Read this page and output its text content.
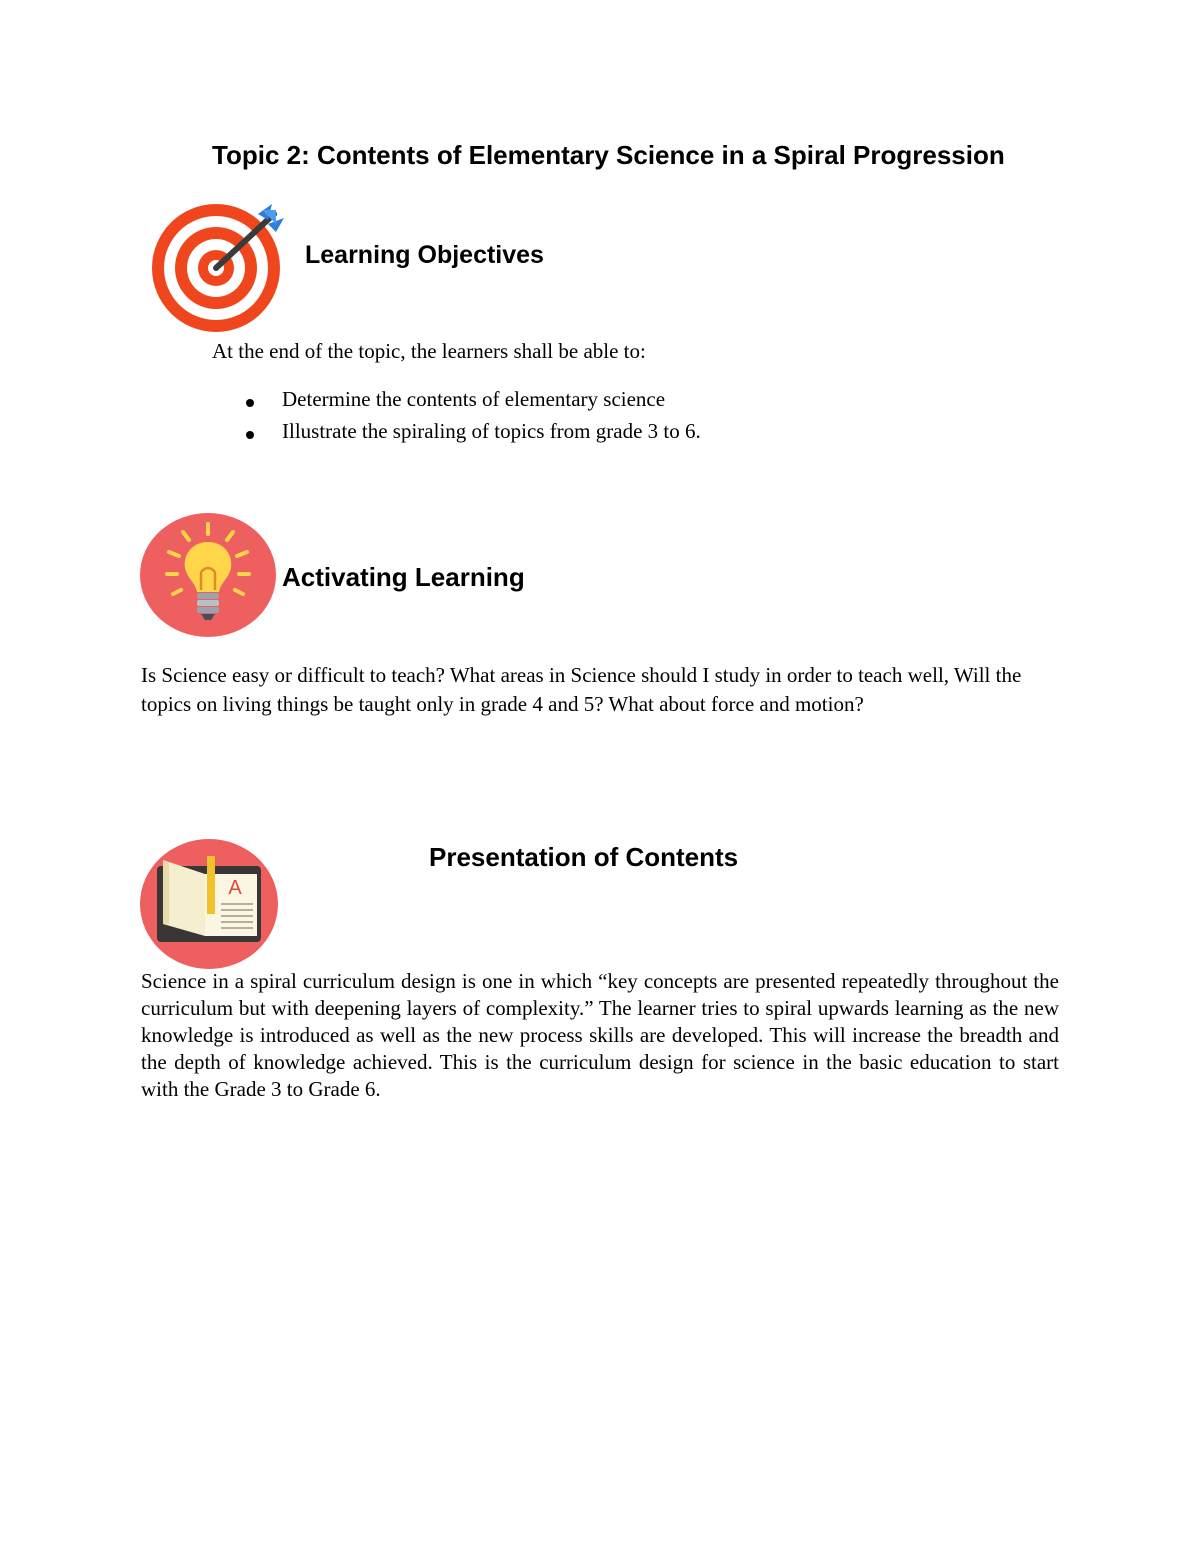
Topic 2: Contents of Elementary Science in a Spiral Progression
Learning Objectives
At the end of the topic, the learners shall be able to:
Determine the contents of elementary science
Illustrate the spiraling of topics from grade 3 to 6.
Activating Learning
Is Science easy or difficult to teach? What areas in Science should I study in order to teach well, Will the topics on living things be taught only in grade 4 and 5? What about force and motion?
A
Presentation of Contents
Science in a spiral curriculum design is one in which “key concepts are presented repeatedly throughout the curriculum but with deepening layers of complexity.” The learner tries to spiral upwards learning as the new knowledge is introduced as well as the new process skills are developed. This will increase the breadth and the depth of knowledge achieved. This is the curriculum design for science in the basic education to start with the Grade 3 to Grade 6.
